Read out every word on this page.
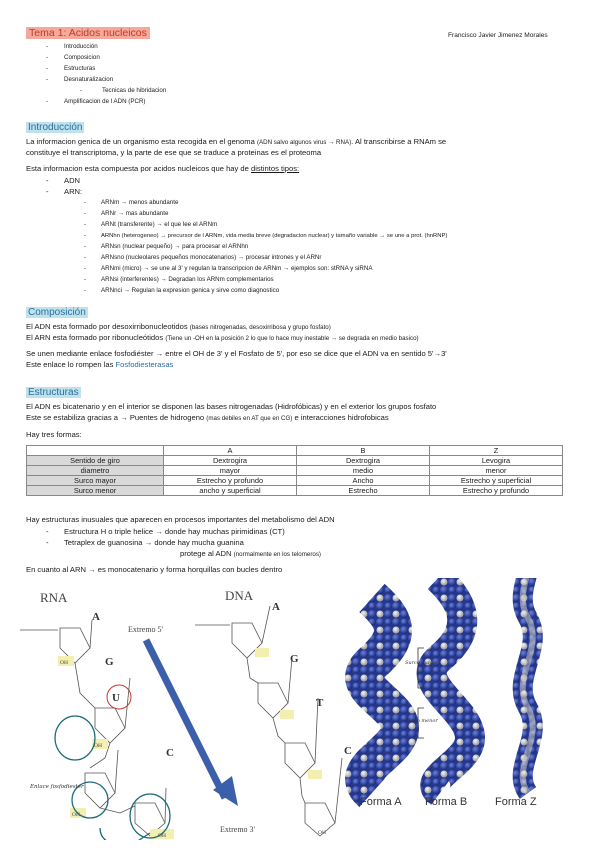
Tema 1: Acidos nucleicos	Francisco Javier Jimenez Morales
-	Introducción
-	Composicion
-	Estructuras
-	Desnaturalizacion
-	Tecnicas de hibridacion
-	Amplificacion de l ADN (PCR)
Introducción
La informacion genica de un organismo esta recogida en el genoma (ADN salvo algunos virus → RNA). Al transcribirse a RNAm se
constituye el transcriptoma, y la parte de ese que se traduce a proteinas es el proteoma
Esta informacion esta compuesta por acidos nucleicos que hay de distintos tipos:
- ADN
- ARN:
- ARNm → menos abundante
- ARNr → mas abundante
- ARNt (transferente) → el que lee el ARNm
-	ARNhn (heterogeneo) → precursor de l ARNm, vida media breve (degradacion nuclear) y tamaño variable → se une a prot. (hnRNP)
- ARNsn (nuclear pequeño) → para procesar el ARNhn
- ARNsno (nucleolares pequeños monocatenarios) → procesar intrones y el ARNr
- ARNmi (micro) → se une al 3' y regulan la transcripcion de ARNm → ejemplos son: stRNA y siRNA
- ARNsi (interferentes) → Degradan los ARNm complementarios
- ARNnci → Regulan la expresion genica y sirve como diagnostico
Composición
El ADN esta formado por desoxirribonucleotidos (bases nitrogenadas, desoxirribosa y grupo fosfato)
El ARN esta formado por ribonucleótidos (Tiene un -OH en la posición 2 lo que lo hace muy inestable → se degrada en medio basico)
Se unen mediante enlace fosfodiéster → entre el OH de 3' y el Fosfato de 5', por eso se dice que el ADN va en sentido 5'→3'
Este enlace lo rompen las Fosfodiesterasas
Estructuras
El ADN es bicatenario y en el interior se disponen las bases nitrogenadas (Hidrofóbicas) y en el exterior los grupos fosfato
Este se estabiliza gracias a → Puentes de hidrogeno (mas debiles en AT que en CG) e interacciones hidrofobicas
Hay tres formas:
	A	B	Z
Sentido de giro	Dextrogira	Dextrogira	Levogira
diametro	mayor	medio	menor
Surco mayor	Estrecho y profundo	Ancho	Estrecho y superficial
Surco menor	ancho y superficial	Estrecho	Estrecho y profundo
Hay estructuras inusuales que aparecen en procesos importantes del metabolismo del ADN
- Estructura H o triple helice → donde hay muchas pirimidinas (CT)
- Tetraplex de guanosina → donde hay mucha guanina
protege al ADN (normalmente en los telomeros)
En cuanto al ARN → es monocatenario y forma horquillas con bucles dentro
RNA
OH
OH
OH
OH
A
G
U
C
Enlace fosfodiester
Extremo 5'
Extremo 3'
DNA
A
G
T
C
OH
Surco mayor
Surco menor
Forma A Forma B	Forma Z
